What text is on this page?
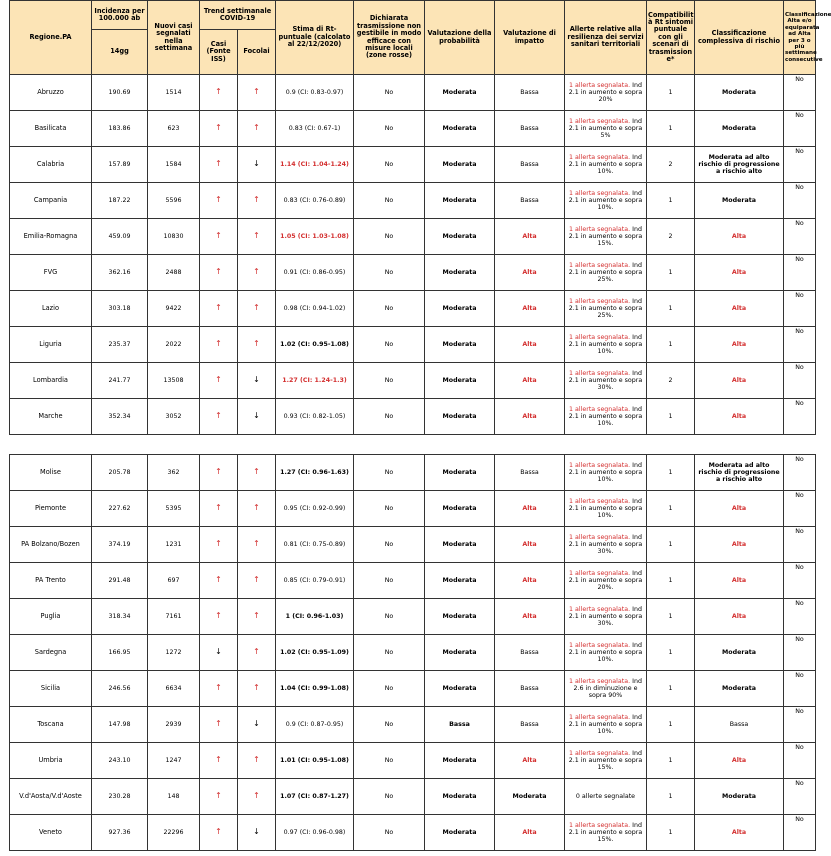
Regione.PA	Incidenza per 100.000 ab	Nuovi casi segnalati nella settimana	Trend settimanale COVID-19		Stima di Rt- puntuale (calcolato al 22/12/2020)	Dichiarata trasmissione non gestibile in modo efficace con misure locali (zone rosse)	Valutazione della probabilità	Valutazione di impatto	Allerte relative alla resilienza dei servizi sanitari territoriali	Compatibilit à Rt sintomi puntuale con gli scenari di trasmission e*	Classificazione complessiva di rischio	Classificazione Alta e/o equiparata ad Alta per 3 o più settimane consecutive
	14gg		Casi (Fonte ISS)	Focolai								
Abruzzo	190.69	1514	↑	↑	0.9 (CI: 0.83-0.97)	No	Moderata	Bassa	1 allerta segnalata. Ind 2.1 in aumento e sopra 20%	1	Moderata	No
Basilicata	183.86	623	↑	↑	0.83 (CI: 0.67-1)	No	Moderata	Bassa	1 allerta segnalata. Ind 2.1 in aumento e sopra 5%	1	Moderata	No
Calabria	157.89	1584	↑	↓	1.14 (CI: 1.04-1.24)	No	Moderata	Bassa	1 allerta segnalata. Ind 2.1 in aumento e sopra 10%.	2	Moderata ad alto rischio di progressione a rischio alto	No
Campania	187.22	5596	↑	↑	0.83 (CI: 0.76-0.89)	No	Moderata	Bassa	1 allerta segnalata. Ind 2.1 in aumento e sopra 10%.	1	Moderata	No
Emilia-Romagna	459.09	10830	↑	↑	1.05 (CI: 1.03-1.08)	No	Moderata	Alta	1 allerta segnalata. Ind 2.1 in aumento e sopra 15%.	2	Alta	No
FVG	362.16	2488	↑	↑	0.91 (CI: 0.86-0.95)	No	Moderata	Alta	1 allerta segnalata. Ind 2.1 in aumento e sopra 25%.	1	Alta	No
Lazio	303.18	9422	↑	↑	0.98 (CI: 0.94-1.02)	No	Moderata	Alta	1 allerta segnalata. Ind 2.1 in aumento e sopra 25%.	1	Alta	No
Liguria	235.37	2022	↑	↑	1.02 (CI: 0.95-1.08)	No	Moderata	Alta	1 allerta segnalata. Ind 2.1 in aumento e sopra 10%.	1	Alta	No
Lombardia	241.77	13508	↑	↓	1.27 (CI: 1.24-1.3)	No	Moderata	Alta	1 allerta segnalata. Ind 2.1 in aumento e sopra 30%.	2	Alta	No
Marche	352.34	3052	↑	↓	0.93 (CI: 0.82-1.05)	No	Moderata	Alta	1 allerta segnalata. Ind 2.1 in aumento e sopra 10%.	1	Alta	No
Molise	205.78	362	↑	↑	1.27 (CI: 0.96-1.63)	No	Moderata	Bassa	1 allerta segnalata. Ind 2.1 in aumento e sopra 10%.	1	Moderata ad alto rischio di progressione a rischio alto	No
Piemonte	227.62	5395	↑	↑	0.95 (CI: 0.92-0.99)	No	Moderata	Alta	1 allerta segnalata. Ind 2.1 in aumento e sopra 10%.	1	Alta	No
PA Bolzano/Bozen	374.19	1231	↑	↑	0.81 (CI: 0.75-0.89)	No	Moderata	Alta	1 allerta segnalata. Ind 2.1 in aumento e sopra 30%.	1	Alta	No
PA Trento	291.48	697	↑	↑	0.85 (CI: 0.79-0.91)	No	Moderata	Alta	1 allerta segnalata. Ind 2.1 in aumento e sopra 20%.	1	Alta	No
Puglia	318.34	7161	↑	↑	1 (CI: 0.96-1.03)	No	Moderata	Alta	1 allerta segnalata. Ind 2.1 in aumento e sopra 30%.	1	Alta	No
Sardegna	166.95	1272	↓	↑	1.02 (CI: 0.95-1.09)	No	Moderata	Bassa	1 allerta segnalata. Ind 2.1 in aumento e sopra 10%.	1	Moderata	No
Sicilia	246.56	6634	↑	↑	1.04 (CI: 0.99-1.08)	No	Moderata	Bassa	1 allerta segnalata. Ind 2.6 in diminuzione e sopra 90%	1	Moderata	No
Toscana	147.98	2939	↑	↓	0.9 (CI: 0.87-0.95)	No	Bassa	Bassa	1 allerta segnalata. Ind 2.1 in aumento e sopra 10%.	1	Bassa	No
Umbria	243.10	1247	↑	↑	1.01 (CI: 0.95-1.08)	No	Moderata	Alta	1 allerta segnalata. Ind 2.1 in aumento e sopra 15%.	1	Alta	No
V.d'Aosta/V.d'Aoste	230.28	148	↑	↑	1.07 (CI: 0.87-1.27)	No	Moderata	Moderata	0 allerte segnalate	1	Moderata	No
Veneto	927.36	22296	↑	↓	0.97 (CI: 0.96-0.98)	No	Moderata	Alta	1 allerta segnalata. Ind 2.1 in aumento e sopra 15%.	1	Alta	No
